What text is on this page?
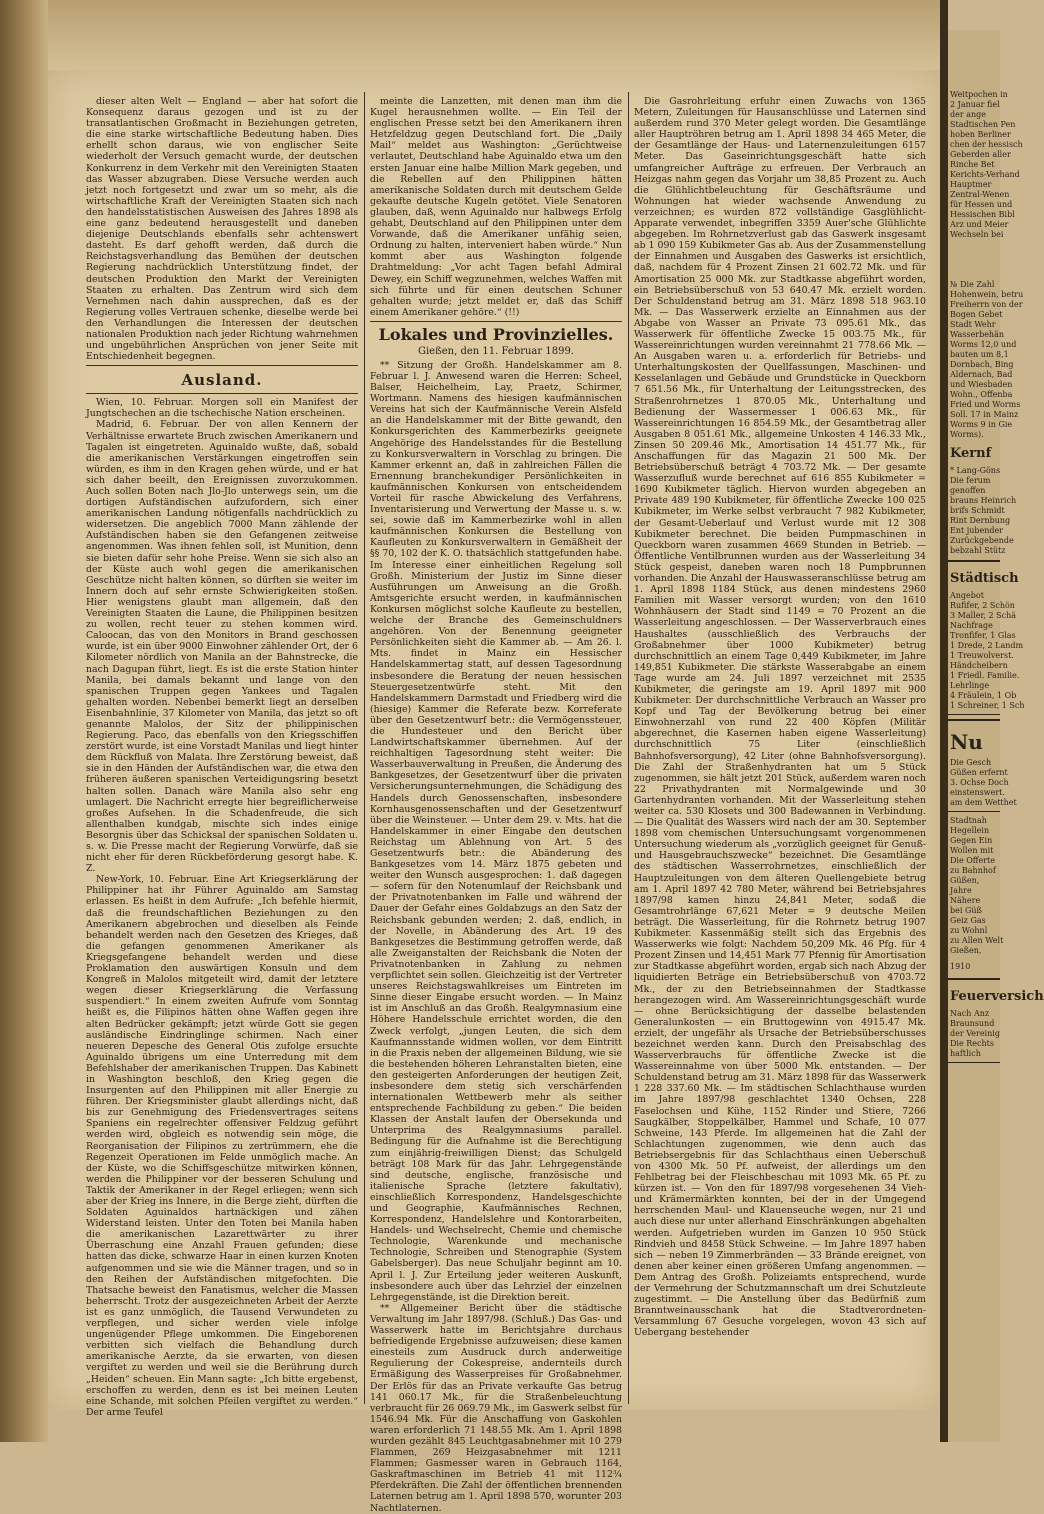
dieser alten Welt — England — aber hat sofort die Konsequenz daraus gezogen und ist zu der transatlantischen Großmacht in Beziehungen getreten, die eine starke wirtschaftliche Bedeutung haben. Dies erhellt schon daraus, wie von englischer Seite wiederholt der Versuch gemacht wurde, der deutschen Konkurrenz in dem Verkehr mit den Vereinigten Staaten das Wasser abzugraben. Diese Versuche werden auch jetzt noch fortgesetzt und zwar um so mehr, als die wirtschaftliche Kraft der Vereinigten Staaten sich nach den handelsstatistischen Ausweisen des Jahres 1898 als eine ganz bedeutend herausgestellt und daneben diejenige Deutschlands ebenfalls sehr achtenswert dasteht. Es darf gehofft werden, daß durch die Reichstagsverhandlung das Bemühen der deutschen Regierung nachdrücklich Unterstützung findet, der deutschen Produktion den Markt der Vereinigten Staaten zu erhalten. Das Zentrum wird sich dem Vernehmen nach dahin aussprechen, daß es der Regierung volles Vertrauen schenke, dieselbe werde bei den Verhandlungen die Interessen der deutschen nationalen Produktion nach jeder Richtung wahrnehmen und ungebührlichen Ansprüchen von jener Seite mit Entschiedenheit begegnen.

Ausland.

Wien, 10. Februar. Morgen soll ein Manifest der Jungtschechen an die tschechische Nation erscheinen.

Madrid, 6. Februar. Der von allen Kennern der Verhältnisse erwartete Bruch zwischen Amerikanern und Tagalen ist eingetreten. Aguinaldo wußte, daß, sobald die amerikanischen Verstärkungen eingetroffen sein würden, es ihm in den Kragen gehen würde, und er hat sich daher beeilt, den Ereignissen zuvorzukommen. Auch sollen Boten nach Jlo-Jlo unterwegs sein, um die dortigen Aufständischen aufzufordern, sich einer amerikanischen Landung nötigenfalls nachdrücklich zu widersetzen. Die angeblich 7000 Mann zählende der Aufständischen haben sie den Gefangenen zeitweise angenommen. Was ihnen fehlen soll, ist Munition, denn sie bieten dafür sehr hohe Preise. Wenn sie sich also an der Küste auch wohl gegen die amerikanischen Geschütze nicht halten können, so dürften sie weiter im Innern doch auf sehr ernste Schwierigkeiten stoßen. Hier wenigstens glaubt man allgemein, daß den Vereinigten Staaten die Laune, die Philippinen besitzen zu wollen, recht teuer zu stehen kommen wird. Caloocan, das von den Monitors in Brand geschossen wurde, ist ein über 9000 Einwohner zählender Ort, der 6 Kilometer nördlich von Manila an der Bahnstrecke, die nach Dagupan führt, liegt. Es ist die erste Station hinter Manila, bei damals bekannt und lange von den spanischen Truppen gegen Yankees und Tagalen gehalten worden. Nebenbei bemerkt liegt an derselben Eisenbahnlinie, 37 Kilometer von Manila, das jetzt so oft genannte Malolos, der Sitz der philippinischen Regierung. Paco, das ebenfalls von den Kriegsschiffen zerstört wurde, ist eine Vorstadt Manilas und liegt hinter dem Rückfluß von Malata. Ihre Zerstörung beweist, daß sie in den Händen der Aufständischen war, die etwa den früheren äußeren spanischen Verteidigungsring besetzt halten sollen. Danach wäre Manila also sehr eng umlagert. Die Nachricht erregte hier begreiflicherweise großes Aufsehen. In die Schadenfreude, die sich allenthalben kundgab, mischte sich indes einige Besorgnis über das Schicksal der spanischen Soldaten u. s. w. Die Presse macht der Regierung Vorwürfe, daß sie nicht eher für deren Rückbeförderung gesorgt habe. K. Z.

New-York, 10. Februar. Eine Art Kriegserklärung der Philippiner hat ihr Führer Aguinaldo am Samstag erlassen. Es heißt in dem Aufrufe: „Ich befehle hiermit, daß die freundschaftlichen Beziehungen zu den Amerikanern abgebrochen und dieselben als Feinde behandelt werden nach den Gesetzen des Krieges, daß die gefangen genommenen Amerikaner als Kriegsgefangene behandelt werden und diese Proklamation den auswärtigen Konsuln und dem Kongreß in Malolos mitgeteilt wird, damit der letztere wegen dieser Kriegserklärung die Verfassung suspendiert.“ In einem zweiten Aufrufe vom Sonntag heißt es, die Filipinos hätten ohne Waffen gegen ihre alten Bedrücker gekämpft; jetzt würde Gott sie gegen ausländische Eindringlinge schirmen. Nach einer neueren Depesche des General Otis zufolge ersuchte Aguinaldo übrigens um eine Unterredung mit dem Befehlshaber der amerikanischen Truppen. Das Kabinett in Washington beschloß, den Krieg gegen die Insurgenten auf den Philippinen mit aller Energie zu führen. Der Kriegsminister glaubt allerdings nicht, daß bis zur Genehmigung des Friedensvertrages seitens Spaniens ein regelrechter offensiver Feldzug geführt werden wird, obgleich es notwendig sein möge, die Reorganisation der Filipinos zu zertrümmern, ehe die Regenzeit Operationen im Felde unmöglich mache. An der Küste, wo die Schiffsgeschütze mitwirken können, werden die Philippiner vor der besseren Schulung und Taktik der Amerikaner in der Regel erliegen; wenn sich aber der Krieg ins Innere, in die Berge zieht, dürften die Soldaten Aguinaldos hartnäckigen und zähen Widerstand leisten. Unter den Toten bei Manila haben die amerikanischen Lazarettwärter zu ihrer Überraschung eine Anzahl Frauen gefunden; diese hatten das dicke, schwarze Haar in einen kurzen Knoten aufgenommen und sie wie die Männer tragen, und so in den Reihen der Aufständischen mitgefochten. Die Thatsache beweist den Fanatismus, welcher die Massen beherrscht. Trotz der ausgezeichneten Arbeit der Aerzte ist es ganz unmöglich, die Tausend Verwundeten zu verpflegen, und sicher werden viele infolge ungenügender Pflege umkommen. Die Eingeborenen verbitten sich vielfach die Behandlung durch amerikanische Aerzte, da sie erwarten, von diesen vergiftet zu werden und weil sie die Berührung durch „Heiden“ scheuen. Ein Mann sagte: „Ich bitte ergebenst, erschoffen zu werden, denn es ist bei meinen Leuten eine Schande, mit solchen Pfeilen vergiftet zu werden.“ Der arme Teufel

meinte die Lanzetten, mit denen man ihm die Kugel herausnehmen wollte. — Ein Teil der englischen Presse setzt bei den Amerikanern ihren Hetzfeldzug gegen Deutschland fort. Die „Daily Mail“ meldet aus Washington: „Gerüchtweise verlautet, Deutschland habe Aguinaldo etwa um den ersten Januar eine halbe Million Mark gegeben, und die Rebellen auf den Philippinen hätten amerikanische Soldaten durch mit deutschem Gelde gekaufte deutsche Kugeln getötet. Viele Senatoren glauben, daß, wenn Aguinaldo nur halbwegs Erfolg gehabt, Deutschland auf den Philippinen unter dem Vorwande, daß die Amerikaner unfähig seien, Ordnung zu halten, interveniert haben würde.“ Nun kommt aber aus Washington folgende Drahtmeldung: „Vor acht Tagen befahl Admiral Dewey, ein Schiff wegzunehmen, welches Waffen mit sich führte und für einen deutschen Schuner gehalten wurde; jetzt meldet er, daß das Schiff einem Amerikaner gehöre.“ (!!)

Lokales und Provinzielles.
Gießen, den 11. Februar 1899.

** Sitzung der Großh. Handelskammer am 8. Februar l. J. Anwesend waren die Herren: Scheel, Balser, Heichelheim, Lay, Praetz, Schirmer, Wortmann. Namens des hiesigen kaufmännischen Vereins hat sich der Kaufmännische Verein Alsfeld an die Handelskammer mit der Bitte gewandt, den Konkursgerichten des Kammerbezirks geeignete Angehörige des Handelsstandes für die Bestellung zu Konkursverwaltern in Vorschlag zu bringen. Die Kammer erkennt an, daß in zahlreichen Fällen die Ernennung branchekundiger Persönlichkeiten in kaufmännischen Konkursen von entscheidendem Vorteil für rasche Abwickelung des Verfahrens, Inventarisierung und Verwertung der Masse u. s. w. sei, sowie daß im Kammerbezirke wohl in allen kaufmännischen Konkursen die Bestellung von Kaufleuten zu Konkursverwaltern in Gemäßheit der §§ 70, 102 der K. O. thatsächlich stattgefunden habe. Im Interesse einer einheitlichen Regelung soll Großh. Ministerium der Justiz im Sinne dieser Ausführungen um Anweisung an die Großh. Amtsgerichte ersucht werden, in kaufmännischen Konkursen möglichst solche Kaufleute zu bestellen, welche der Branche des Gemeinschuldners angehören. Von der Benennung geeigneter Persönlichkeiten sieht die Kammer ab. — Am 26. l. Mts. findet in Mainz ein Hessischer Handelskammertag statt, auf dessen Tagesordnung insbesondere die Beratung der neuen hessischen Steuergesetzentwürfe steht. Mit den Handelskammern Darmstadt und Friedberg wird die (hiesige) Kammer die Referate bezw. Korreferate über den Gesetzentwurf betr.: die Vermögenssteuer, die Hundesteuer und den Bericht über Landwirtschaftskammer übernehmen. Auf der reichhaltigen Tagesordnung steht weiter: Die Wasserbauverwaltung in Preußen, die Änderung des Bankgesetzes, der Gesetzentwurf über die privaten Versicherungsunternehmungen, die Schädigung des Handels durch Genossenschaften, insbesondere Kornhausgenossenschaften und der Gesetzentwurf über die Weinsteuer. — Unter dem 29. v. Mts. hat die Handelskammer in einer Eingabe den deutschen Reichstag um Ablehnung von Art. 5 des Gesetzentwurfs betr.: die Abänderung des Bankgesetzes vom 14. März 1875 gebeten und weiter den Wunsch ausgesprochen: 1. daß dagegen — sofern für den Notenumlauf der Reichsbank und der Privatnotenbanken im Falle und während der Dauer der Gefahr eines Goldabzugs an den Satz der Reichsbank gebunden werden; 2. daß, endlich, in der Novelle, in Abänderung des Art. 19 des Bankgesetzes die Bestimmung getroffen werde, daß alle Zweiganstalten der Reichsbank die Noten der Privatnotenbanken in Zahlung zu nehmen verpflichtet sein sollen. Gleichzeitig ist der Vertreter unseres Reichstagswahlkreises um Eintreten im Sinne dieser Eingabe ersucht worden. — In Mainz ist im Anschluß an das Großh. Realgymnasium eine Höhere Handelsschule errichtet worden, die den Zweck verfolgt, „jungen Leuten, die sich dem Kaufmannsstande widmen wollen, vor dem Eintritt in die Praxis neben der allgemeinen Bildung, wie sie die bestehenden höheren Lehranstalten bieten, eine den gesteigerten Anforderungen der heutigen Zeit, insbesondere dem stetig sich verschärfenden internationalen Wettbewerb mehr als seither entsprechende Fachbildung zu geben.“ Die beiden Klassen der Anstalt laufen der Obersekunda und Unterprima des Realgymnasiums parallel. Bedingung für die Aufnahme ist die Berechtigung zum einjährig-freiwilligen Dienst; das Schulgeld beträgt 108 Mark für das Jahr. Lehrgegenstände sind deutsche, englische, französische und italienische Sprache (letztere fakultativ), einschließlich Korrespondenz, Handelsgeschichte und Geographie, Kaufmännisches Rechnen, Korrespondenz, Handelslehre und Kontorarbeiten, Handels- und Wechselrecht, Chemie und chemische Technologie, Warenkunde und mechanische Technologie, Schreiben und Stenographie (System Gabelsberger). Das neue Schuljahr beginnt am 10. April l. J. Zur Erteilung jeder weiteren Auskunft, insbesondere auch über das Lehrziel der einzelnen Lehrgegenstände, ist die Direktion bereit.

** Allgemeiner Bericht über die städtische Verwaltung im Jahr 1897/98. (Schluß.) Das Gas- und Wasserwerk hatte im Berichtsjahre durchaus befriedigende Ergebnisse aufzuweisen; diese kamen einesteils zum Ausdruck durch anderweitige Regulierung der Cokespreise, andernteils durch Ermäßigung des Wasserpreises für Großabnehmer. Der Erlös für das an Private verkaufte Gas betrug 141 060.17 Mk., für die Straßenbeleuchtung verbraucht für 26 069.79 Mk., im Gaswerk selbst für 1546.94 Mk. Für die Anschaffung von Gaskohlen waren erforderlich 71 148.55 Mk. Am 1. April 1898 wurden gezählt 845 Leuchtgasabnehmer mit 10 279 Flammen, 269 Heizgasabnehmer mit 1211 Flammen; Gasmesser waren in Gebrauch 1164, Gaskraftmaschinen im Betrieb 41 mit 112¾ Pferdekräften. Die Zahl der öffentlichen brennenden Laternen betrug am 1. April 1898 570, worunter 203 Nachtlaternen.

Die Gasrohrleitung erfuhr einen Zuwachs von 1365 Metern, Zuleitungen für Hausanschlüsse und Laternen sind außerdem rund 370 Meter gelegt worden. Die Gesamtlänge aller Hauptröhren betrug am 1. April 1898 34 465 Meter, die der Gesamtlänge der Haus- und Laternenzuleitungen 6157 Meter. Das Gaseinrichtungsgeschäft hatte sich umfangreicher Aufträge zu erfreuen. Der Verbrauch an Heizgas nahm gegen das Vorjahr um 38,85 Prozent zu. Auch die Glühlichtbeleuchtung für Geschäftsräume und Wohnungen hat wieder wachsende Anwendung zu verzeichnen; es wurden 872 vollständige Gasglühlicht-Apparate verwendet, inbegriffen 3359 Auer'sche Glühlichte abgegeben. Im Rohrnetzverlust gab das Gaswerk insgesamt ab 1 090 159 Kubikmeter Gas ab. Aus der Zusammenstellung der Einnahmen und Ausgaben des Gaswerks ist ersichtlich, daß, nachdem für 4 Prozent Zinsen 21 602.72 Mk. und für Amortisation 25 000 Mk. zur Stadtkasse abgeführt worden, ein Betriebsüberschuß von 53 640.47 Mk. erzielt worden. Der Schuldenstand betrug am 31. März 1898 518 963.10 Mk. — Das Wasserwerk erzielte an Einnahmen aus der Abgabe von Wasser an Private 73 095.61 Mk., das Wasserwerk für öffentliche Zwecke 15 003.75 Mk., für Wassereinrichtungen wurden vereinnahmt 21 778.66 Mk. — An Ausgaben waren u. a. erforderlich für Betriebs- und Unterhaltungskosten der Quellfassungen, Maschinen- und Kesselanlagen und Gebäude und Grundstücke in Queckborn 7 651.56 Mk., für Unterhaltung der Leitungsstrecken, des Straßenrohrnetzes 1 870.05 Mk., Unterhaltung und Bedienung der Wassermesser 1 006.63 Mk., für Wassereinrichtungen 16 854.59 Mk., der Gesamtbetrag aller Ausgaben 8 051.61 Mk., allgemeine Unkosten 4 146.33 Mk., Zinsen 50 209.46 Mk., Amortisation 14 451.77 Mk., für Anschaffungen für das Magazin 21 500 Mk. Der Betriebsüberschuß beträgt 4 703.72 Mk. — Der gesamte Wasserzufluß wurde berechnet auf 616 855 Kubikmeter = 1690 Kubikmeter täglich. Hiervon wurden abgegeben an Private 489 190 Kubikmeter, für öffentliche Zwecke 100 025 Kubikmeter, im Werke selbst verbraucht 7 982 Kubikmeter, der Gesamt-Ueberlauf und Verlust wurde mit 12 308 Kubikmeter berechnet. Die beiden Pumpmaschinen in Queckborn waren zusammen 4669 Stunden in Betrieb. — Öffentliche Ventilbrunnen wurden aus der Wasserleitung 34 Stück gespeist, daneben waren noch 18 Pumpbrunnen vorhanden. Die Anzahl der Hauswasseranschlüsse betrug am 1. April 1898 1184 Stück, aus denen mindestens 2960 Familien mit Wasser versorgt wurden; von den 1610 Wohnhäusern der Stadt sind 1149 = 70 Prozent an die Wasserleitung angeschlossen. — Der Wasserverbrauch eines Haushaltes (ausschließlich des Verbrauchs der Großabnehmer über 1000 Kubikmeter) betrug durchschnittlich an einem Tage 0,449 Kubikmeter, im Jahre 149,851 Kubikmeter. Die stärkste Wasserabgabe an einem Tage wurde am 24. Juli 1897 verzeichnet mit 2535 Kubikmeter, die geringste am 19. April 1897 mit 900 Kubikmeter. Der durchschnittliche Verbrauch an Wasser pro Kopf und Tag der Bevölkerung betrug bei einer Einwohnerzahl von rund 22 400 Köpfen (Militär abgerechnet, die Kasernen haben eigene Wasserleitung) durchschnittlich 75 Liter (einschließlich Bahnhofsversorgung), 42 Liter (ohne Bahnhofsversorgung). Die Zahl der Straßenhydranten hat um 5 Stück zugenommen, sie hält jetzt 201 Stück, außerdem waren noch 22 Privathydranten mit Normalgewinde und 30 Gartenhydranten vorhanden. Mit der Wasserleitung stehen weiter ca. 530 Klosets und 300 Badewannen in Verbindung. — Die Qualität des Wassers wird nach der am 30. September 1898 vom chemischen Untersuchungsamt vorgenommenen Untersuchung wiederum als „vorzüglich geeignet für Genuß- und Hausgebrauchszwecke“ bezeichnet. Die Gesamtlänge des städtischen Wasserrohrnetzes, einschließlich der Hauptzuleitungen von dem älteren Quellengebiete betrug am 1. April 1897 42 780 Meter, während bei Betriebsjahres 1897/98 kamen hinzu 24,841 Meter, sodaß die Gesamtrohrlänge 67,621 Meter = 9 deutsche Meilen beträgt. Die Wasserleitung, für die Rohrnetz betrug 1907 Kubikmeter. Kassenmäßig stellt sich das Ergebnis des Wasserwerks wie folgt: Nachdem 50,209 Mk. 46 Pfg. für 4 Prozent Zinsen und 14,451 Mark 77 Pfennig für Amortisation zur Stadtkasse abgeführt worden, ergab sich nach Abzug der liquidierten Beträge ein Betriebsüberschuß von 4703.72 Mk., der zu den Betriebseinnahmen der Stadtkasse herangezogen wird. Am Wassereinrichtungsgeschäft wurde — ohne Berücksichtigung der dasselbe belastenden Generalunkosten — ein Bruttogewinn von 4915.47 Mk. erzielt, der ungefähr als Ursache der Betriebsüberschusses bezeichnet werden kann. Durch den Preisabschlag des Wasserverbrauchs für öffentliche Zwecke ist die Wassereinnahme von über 5000 Mk. entstanden. — Der Schuldenstand betrug am 31. März 1898 für das Wasserwerk 1 228 337.60 Mk. — Im städtischen Schlachthause wurden im Jahre 1897/98 geschlachtet 1340 Ochsen, 228 Faselochsen und Kühe, 1152 Rinder und Stiere, 7266 Saugkälber, Stoppelkälber, Hammel und Schafe, 10 077 Schweine, 143 Pferde. Im allgemeinen hat die Zahl der Schlachtungen zugenommen, wie denn auch das Betriebsergebnis für das Schlachthaus einen Ueberschuß von 4300 Mk. 50 Pf. aufweist, der allerdings um den Fehlbetrag bei der Fleischbeschau mit 1093 Mk. 65 Pf. zu kürzen ist. — Von den für 1897/98 vorgesehenen 34 Vieh- und Krämermärkten konnten, bei der in der Umgegend herrschenden Maul- und Klauenseuche wegen, nur 21 und auch diese nur unter allerhand Einschränkungen abgehalten werden. Aufgetrieben wurden im Ganzen 10 950 Stück Rindvieh und 8458 Stück Schweine. — Im Jahre 1897 haben sich — neben 19 Zimmerbränden — 33 Brände ereignet, von denen aber keiner einen größeren Umfang angenommen. — Dem Antrag des Großh. Polizeiamts entsprechend, wurde der Vermehrung der Schutzmannschaft um drei Schutzleute zugestimmt. — Die Anstellung über das Bedürfniß zum Branntweinausschank hat die Stadtverordneten-Versammlung 67 Gesuche vorgelegen, wovon 43 sich auf Uebergang bestehender

Weitpochen in
2 Januar fiel
der ange
Stadtischen Pen
hoben Berliner
chen der hessisch
Geberden aller
Rinche Bet
Kerichts-Verhand
Hauptmer
Zentral-Wenen
für Hessen und
Hessischen Bibl
Arz und Meier
Wechseln bei
№ Die Zahl
Hohenwein, betru
Freiherrn von der
Bogen Gebet
Stadt Wehr
Wasserbehän
Worms 12,0 und
bauten um 8,1
Dornbach, Bing
Aldernach, Bad
und Wiesbaden
Wohn., Offenba
Fried und Worms
Soll. 17 in Mainz
Worms 9 in Gie
Worms).
Kernf
* Lang-Göns
Die ferum
genoffen
brauns Heinrich
brifs Schmidt
Rint Dernbung
Ent jubender
Zurückgebende
bebzahl Stütz
Städtisch
Angebot
Rufifer, 2 Schön
3 Maller, 2 Schä
Nachfrage
Tronfifer, 1 Glas
1 Drede, 2 Landm
1 Treuwolverst.
Händcheibern
1 Friedl. Familie.
Lehrlinge
4 Fräulein, 1 Ob
1 Schreiner, 1 Sch
Nu
Die Gesch
Güßen erfernt
3. Ochse Doch
einstenswert.
am dem Wetthet
Stadtnah
Hegellein
Gegen Ein
Wollen mit
Die Offerte
zu Bahnhof
Güßen,
Jahre
Nähere
bei Güß
Geiz Gas
zu Wohnl
zu Allen Welt
Gießen,
1910
Feuerversich
Nach Anz
Braunsund
der Vereinig
Die Rechts
haftlich
